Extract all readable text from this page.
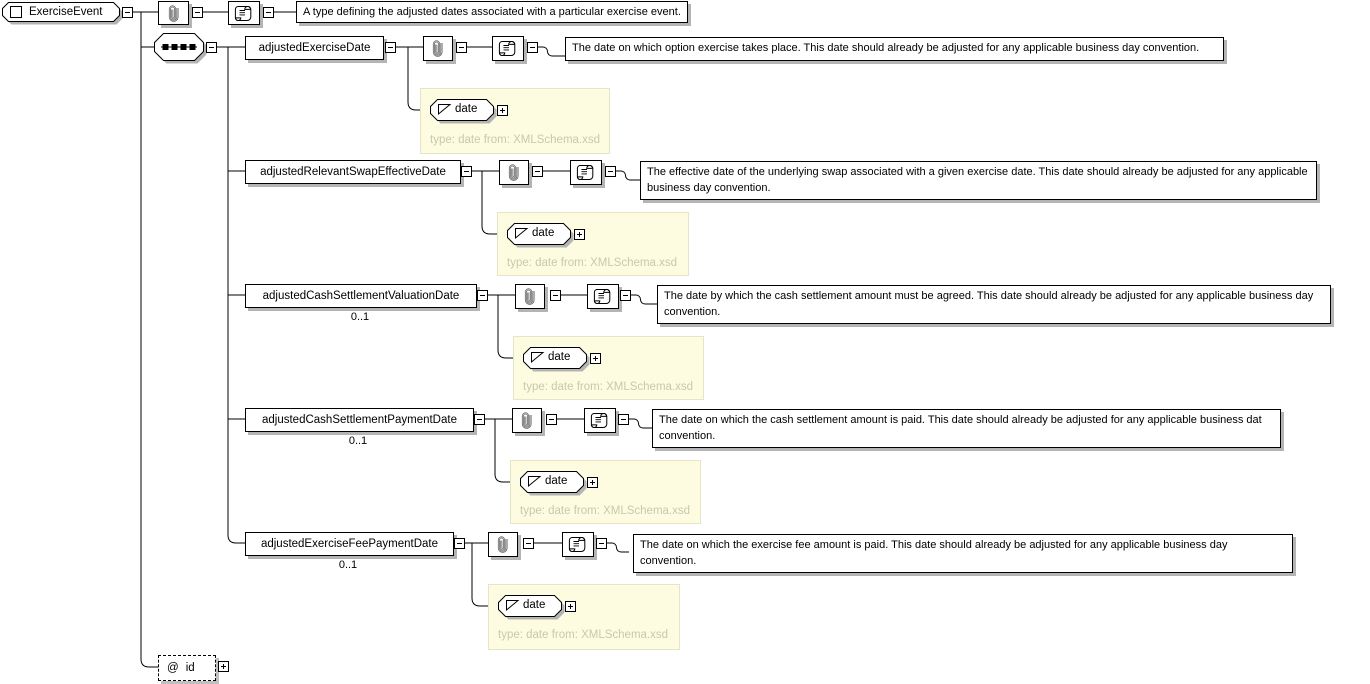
ExerciseEvent	A type defining the adjusted dates associated with a particular exercise event.
adjustedExerciseDate	The date on which option exercise takes place. This date should already be adjusted for any applicable business day convention.
date
type: date from: XMLSchema.xsd
adjustedRelevantSwapEffectiveDate	The effective date of the underlying swap associated with a given exercise date. This date should already be adjusted for any applicable business day convention.
date
type: date from: XMLSchema.xsd
adjustedCashSettlementValuationDate
0..1
The date by which the cash settlement amount must be agreed. This date should already be adjusted for any applicable business day convention.
date
type: date from: XMLSchema.xsd
adjustedCashSettlementPaymentDate
0..1
The date on which the cash settlement amount is paid. This date should already be adjusted for any applicable business dat convention.
date
type: date from: XMLSchema.xsd
adjustedExerciseFeePaymentDate
0..1
The date on which the exercise fee amount is paid. This date should already be adjusted for any applicable business day convention.
date
type: date from: XMLSchema.xsd
@ id
